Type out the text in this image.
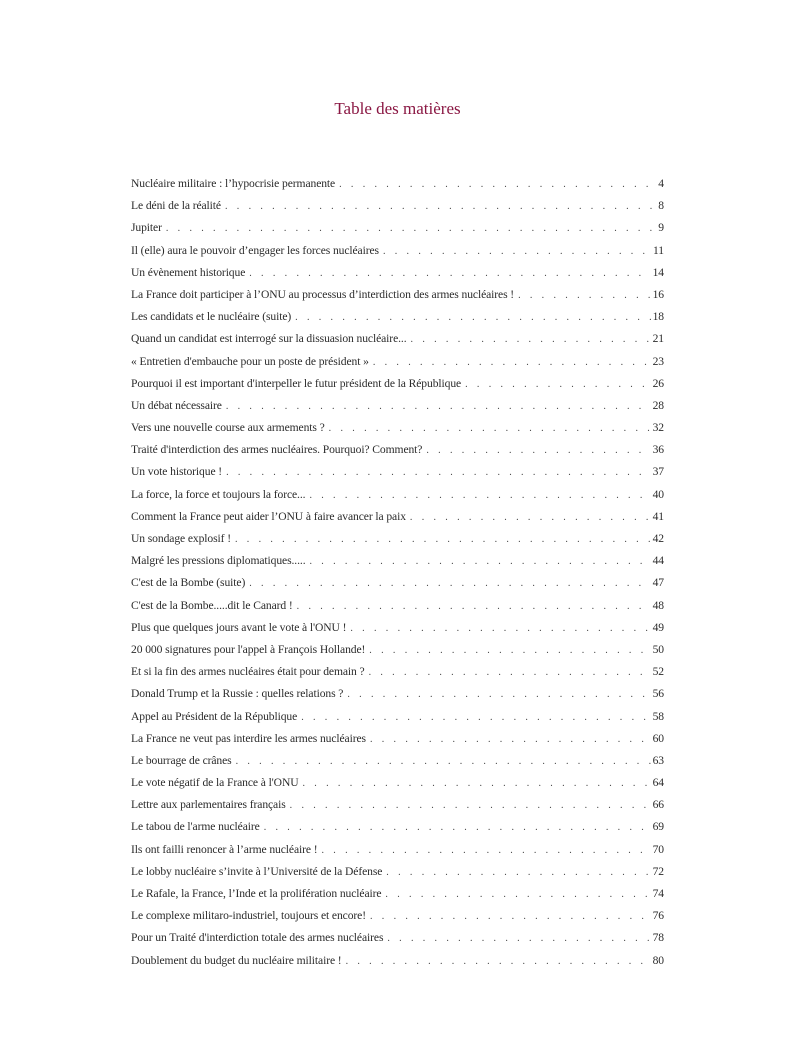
Table des matières
Nucléaire militaire : l’hypocrisie permanente . . .	4
Le déni de la réalité . . .	8
Jupiter . . .	9
Il (elle) aura le pouvoir d’engager les forces nucléaires . . .	11
Un évènement historique . . .	14
La France doit participer à l’ONU au processus d’interdiction des armes nucléaires ! . . .	16
Les candidats et le nucléaire (suite) . . .	18
Quand un candidat est interrogé sur la dissuasion nucléaire... . . .	21
« Entretien d'embauche pour un poste de président » . . .	23
Pourquoi il est important d'interpeller le futur président de la République . . .	26
Un débat nécessaire . . .	28
Vers une nouvelle course aux armements ? . . .	32
Traité d'interdiction des armes nucléaires. Pourquoi? Comment? . . .	36
Un vote historique ! . . .	37
La force, la force et toujours la force... . . .	40
Comment la France peut aider l’ONU à faire avancer la paix . . .	41
Un sondage explosif ! . . .	42
Malgré les pressions diplomatiques..... . . .	44
C'est de la Bombe (suite) . . .	47
C'est de la Bombe.....dit le Canard ! . . .	48
Plus que quelques jours avant le vote à l'ONU ! . . .	49
20 000 signatures pour l'appel à François Hollande! . . .	50
Et si la fin des armes nucléaires était pour demain ? . . .	52
Donald Trump et la Russie : quelles relations ? . . .	56
Appel au Président de la République . . .	58
La France ne veut pas interdire les armes nucléaires . . .	60
Le bourrage de crânes . . .	63
Le vote négatif de la France à l'ONU . . .	64
Lettre aux parlementaires français . . .	66
Le tabou de l'arme nucléaire . . .	69
Ils ont failli renoncer à l’arme nucléaire ! . . .	70
Le lobby nucléaire s’invite à l’Université de la Défense . . .	72
Le Rafale, la France, l’Inde et la prolifération nucléaire . . .	74
Le complexe militaro-industriel, toujours et encore! . . .	76
Pour un Traité d'interdiction totale des armes nucléaires . . .	78
Doublement du budget du nucléaire militaire ! . . .	80
